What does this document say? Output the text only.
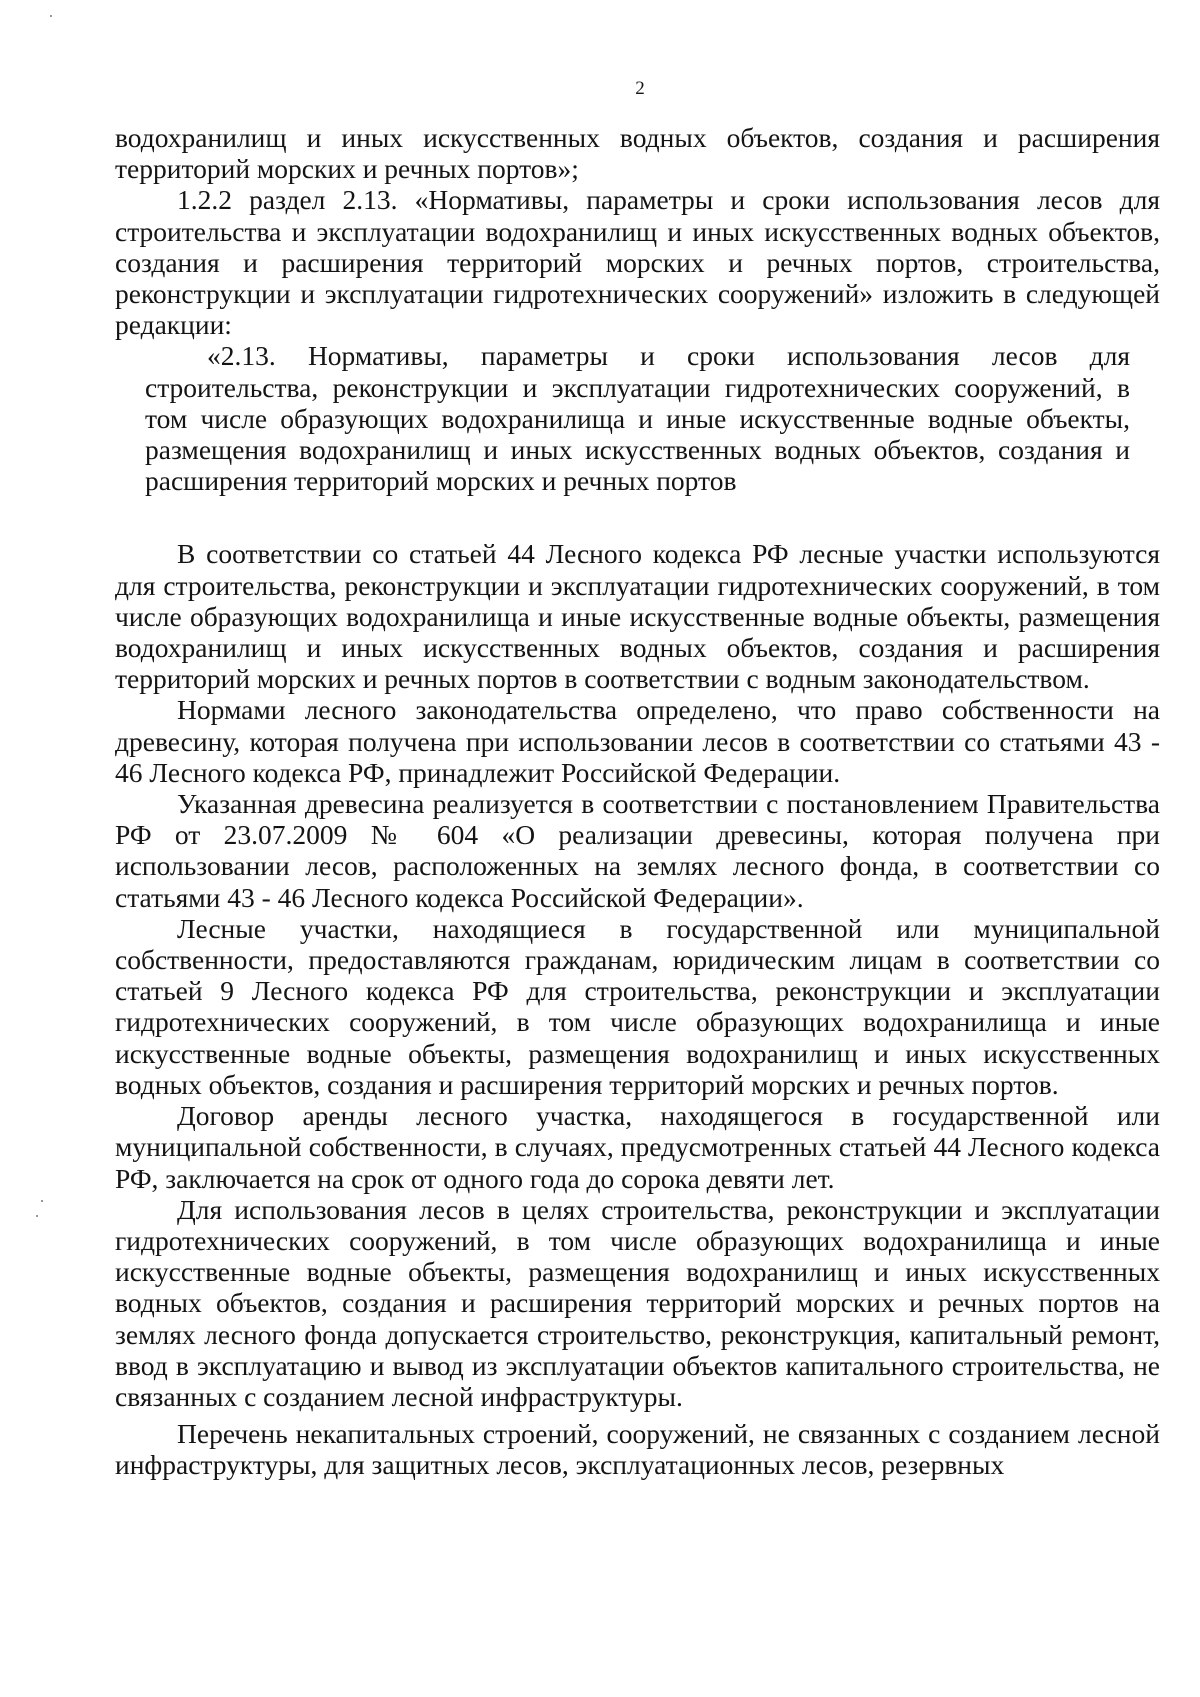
2

водохранилищ и иных искусственных водных объектов, создания и расширения территорий морских и речных портов»;

1.2.2 раздел 2.13. «Нормативы, параметры и сроки использования лесов для строительства и эксплуатации водохранилищ и иных искусственных водных объектов, создания и расширения территорий морских и речных портов, строительства, реконструкции и эксплуатации гидротехнических сооружений» изложить в следующей редакции:

«2.13. Нормативы, параметры и сроки использования лесов для строительства, реконструкции и эксплуатации гидротехнических сооружений, в том числе образующих водохранилища и иные искусственные водные объекты, размещения водохранилищ и иных искусственных водных объектов, создания и расширения территорий морских и речных портов

В соответствии со статьей 44 Лесного кодекса РФ лесные участки используются для строительства, реконструкции и эксплуатации гидротехнических сооружений, в том числе образующих водохранилища и иные искусственные водные объекты, размещения водохранилищ и иных искусственных водных объектов, создания и расширения территорий морских и речных портов в соответствии с водным законодательством.

Нормами лесного законодательства определено, что право собственности на древесину, которая получена при использовании лесов в соответствии со статьями 43 - 46 Лесного кодекса РФ, принадлежит Российской Федерации.

Указанная древесина реализуется в соответствии с постановлением Правительства РФ от 23.07.2009 № 604 «О реализации древесины, которая получена при использовании лесов, расположенных на землях лесного фонда, в соответствии со статьями 43 - 46 Лесного кодекса Российской Федерации».

Лесные участки, находящиеся в государственной или муниципальной собственности, предоставляются гражданам, юридическим лицам в соответствии со статьей 9 Лесного кодекса РФ для строительства, реконструкции и эксплуатации гидротехнических сооружений, в том числе образующих водохранилища и иные искусственные водные объекты, размещения водохранилищ и иных искусственных водных объектов, создания и расширения территорий морских и речных портов.

Договор аренды лесного участка, находящегося в государственной или муниципальной собственности, в случаях, предусмотренных статьей 44 Лесного кодекса РФ, заключается на срок от одного года до сорока девяти лет.

Для использования лесов в целях строительства, реконструкции и эксплуатации гидротехнических сооружений, в том числе образующих водохранилища и иные искусственные водные объекты, размещения водохранилищ и иных искусственных водных объектов, создания и расширения территорий морских и речных портов на землях лесного фонда допускается строительство, реконструкция, капитальный ремонт, ввод в эксплуатацию и вывод из эксплуатации объектов капитального строительства, не связанных с созданием лесной инфраструктуры.

Перечень некапитальных строений, сооружений, не связанных с созданием лесной инфраструктуры, для защитных лесов, эксплуатационных лесов, резервных
